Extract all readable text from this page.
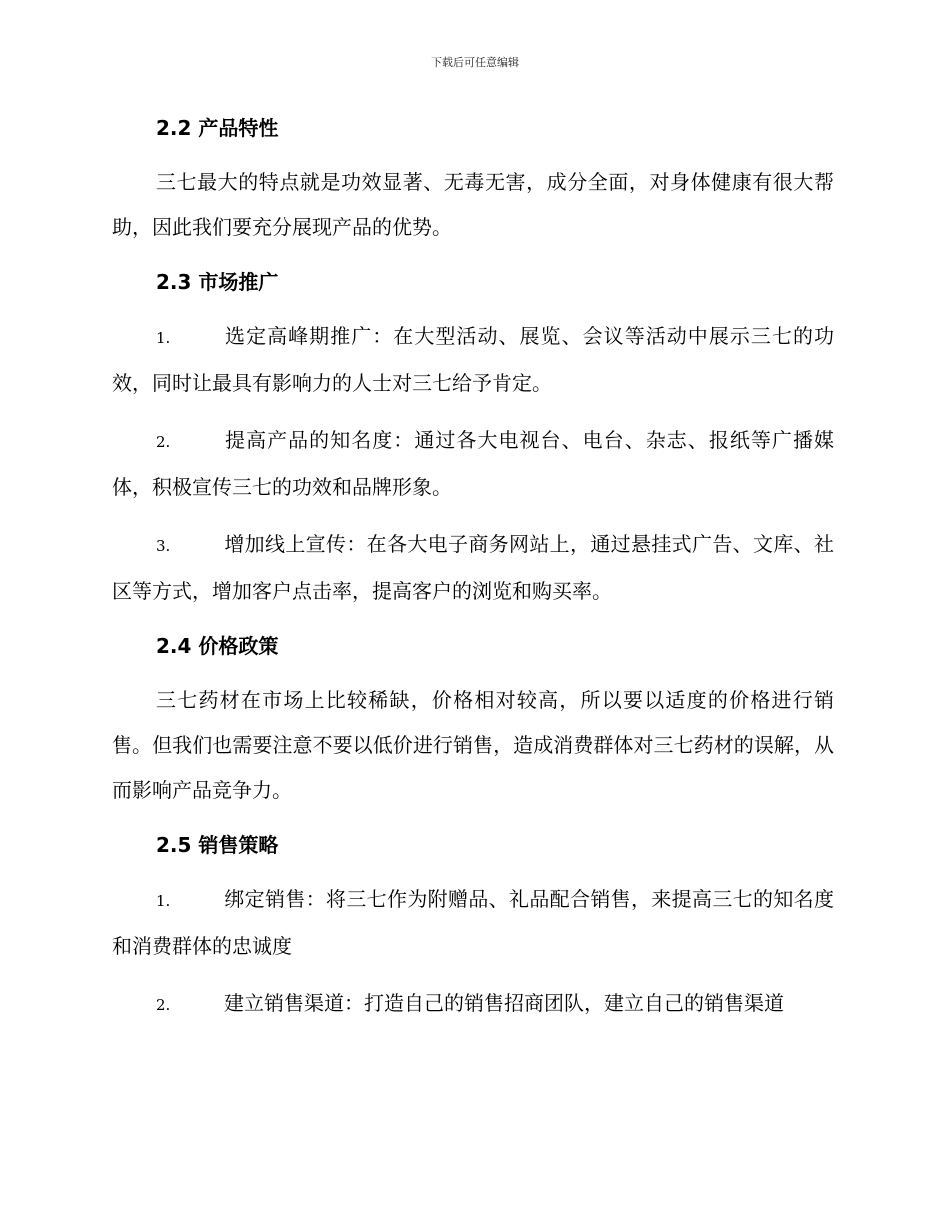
下载后可任意编辑
2.2 产品特性

三七最大的特点就是功效显著、无毒无害，成分全面，对身体健康有很大帮助，因此我们要充分展现产品的优势。

2.3 市场推广

1.	选定高峰期推广：在大型活动、展览、会议等活动中展示三七的功效，同时让最具有影响力的人士对三七给予肯定。

2.	提高产品的知名度：通过各大电视台、电台、杂志、报纸等广播媒体，积极宣传三七的功效和品牌形象。

3.	增加线上宣传：在各大电子商务网站上，通过悬挂式广告、文库、社区等方式，增加客户点击率，提高客户的浏览和购买率。

2.4 价格政策

三七药材在市场上比较稀缺，价格相对较高，所以要以适度的价格进行销售。但我们也需要注意不要以低价进行销售，造成消费群体对三七药材的误解，从而影响产品竞争力。

2.5 销售策略

1.	绑定销售：将三七作为附赠品、礼品配合销售，来提高三七的知名度和消费群体的忠诚度

2.	建立销售渠道：打造自己的销售招商团队，建立自己的销售渠道
